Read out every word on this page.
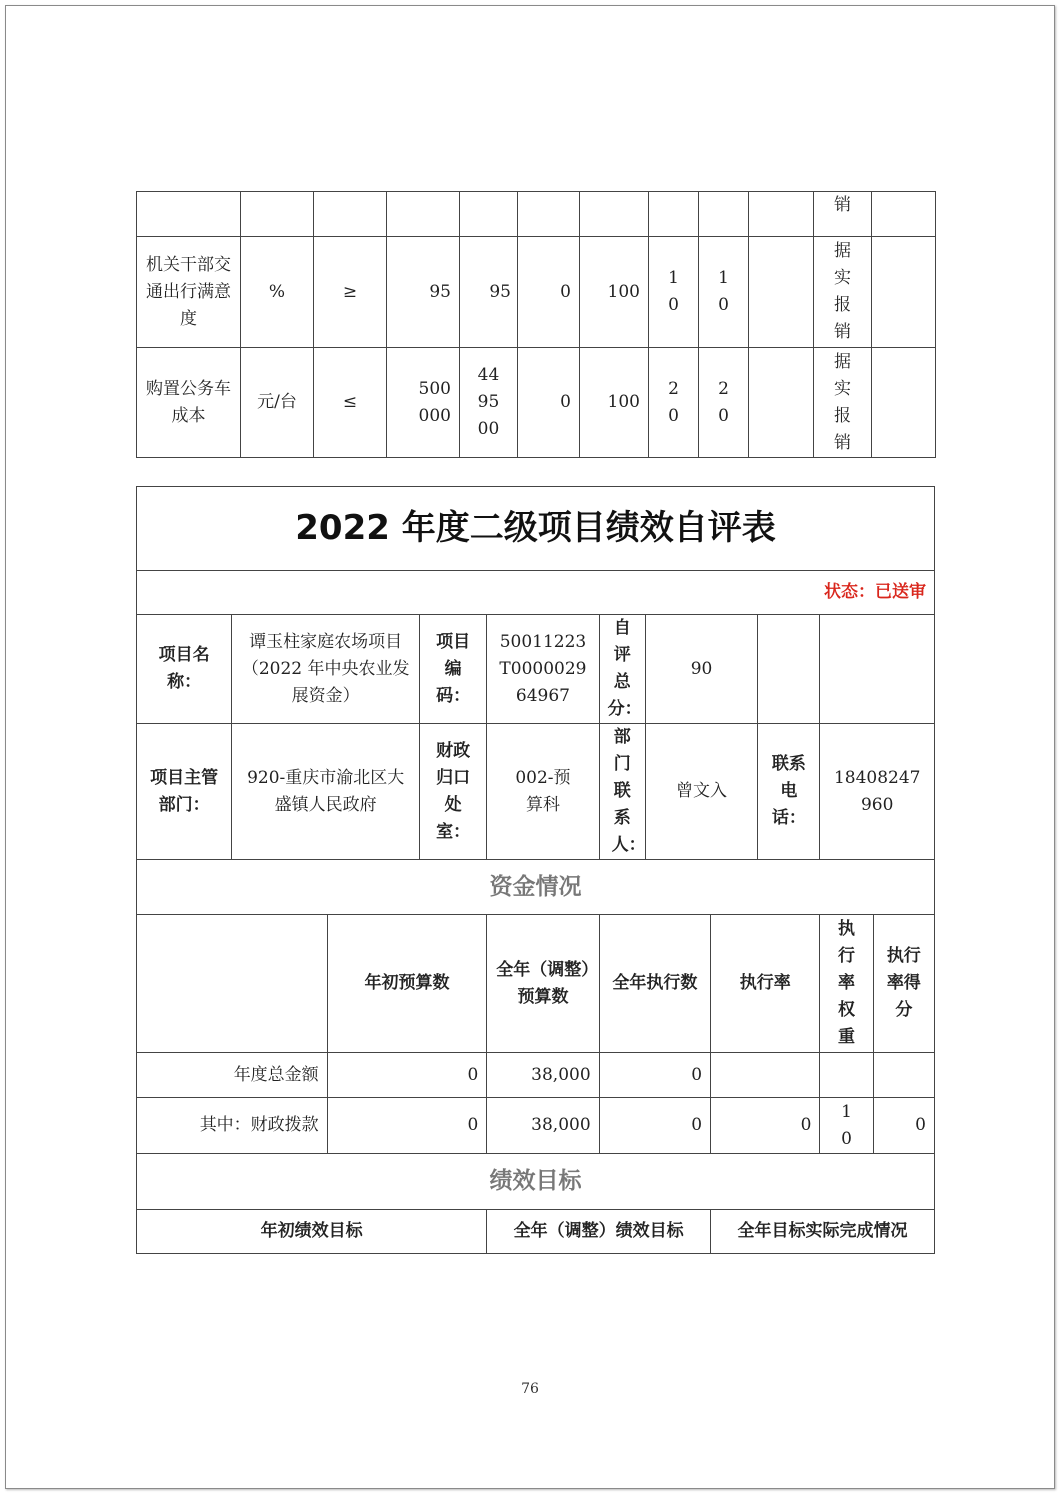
										销	
机关干部交通出行满意度	%	≥	95	95	0	100	10	10		据实报销	
购置公务车成本	元/台	≤	500000	449500	0	100	20	20		据实报销	
2022 年度二级项目绩效自评表										
状态：已送审										
项目名称：	谭玉柱家庭农场项目（2022 年中央农业发展资金）		项目编码：	50011223T000002964967	自评总分：	90				
项目主管部门：	920-重庆市渝北区大盛镇人民政府		财政归口处室：	002-预算科	部门联系人：	曾文入		联系电话：	18408247960	
资金情况										
		年初预算数		全年（调整）预算数	全年执行数		执行率		执行率权重	执行率得分
年度总金额		0		38,000	0					
其中：财政拨款		0		38,000	0		0		10	0
绩效目标										
年初绩效目标				全年（调整）绩效目标			全年目标实际完成情况			
76
